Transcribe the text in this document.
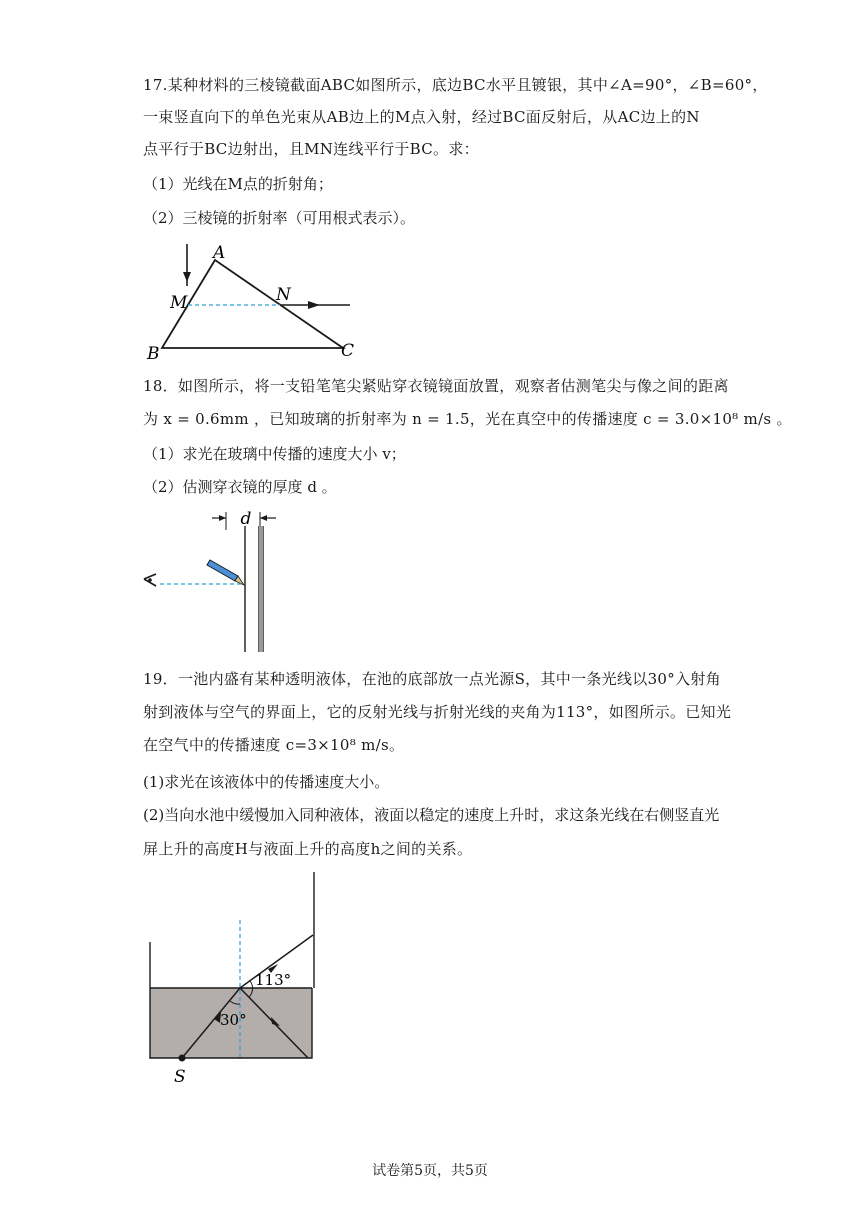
17.某种材料的三棱镜截面ABC如图所示，底边BC水平且镀银，其中∠A=90°，∠B=60°，
一束竖直向下的单色光束从AB边上的M点入射，经过BC面反射后，从AC边上的N
点平行于BC边射出，且MN连线平行于BC。求：
（1）光线在M点的折射角；
（2）三棱镜的折射率（可用根式表示）。
A
M	N
B	C
18．如图所示，将一支铅笔笔尖紧贴穿衣镜镜面放置，观察者估测笔尖与像之间的距离
为 x = 0.6mm ，已知玻璃的折射率为 n = 1.5，光在真空中的传播速度 c = 3.0×10⁸ m/s 。
（1）求光在玻璃中传播的速度大小 v；
（2）估测穿衣镜的厚度 d 。
d
19．一池内盛有某种透明液体，在池的底部放一点光源S，其中一条光线以30°入射角
射到液体与空气的界面上，它的反射光线与折射光线的夹角为113°，如图所示。已知光
在空气中的传播速度 c=3×10⁸ m/s。
(1)求光在该液体中的传播速度大小。
(2)当向水池中缓慢加入同种液体，液面以稳定的速度上升时，求这条光线在右侧竖直光
屏上升的高度H与液面上升的高度h之间的关系。
30°
113°
S
试卷第5页，共5页
